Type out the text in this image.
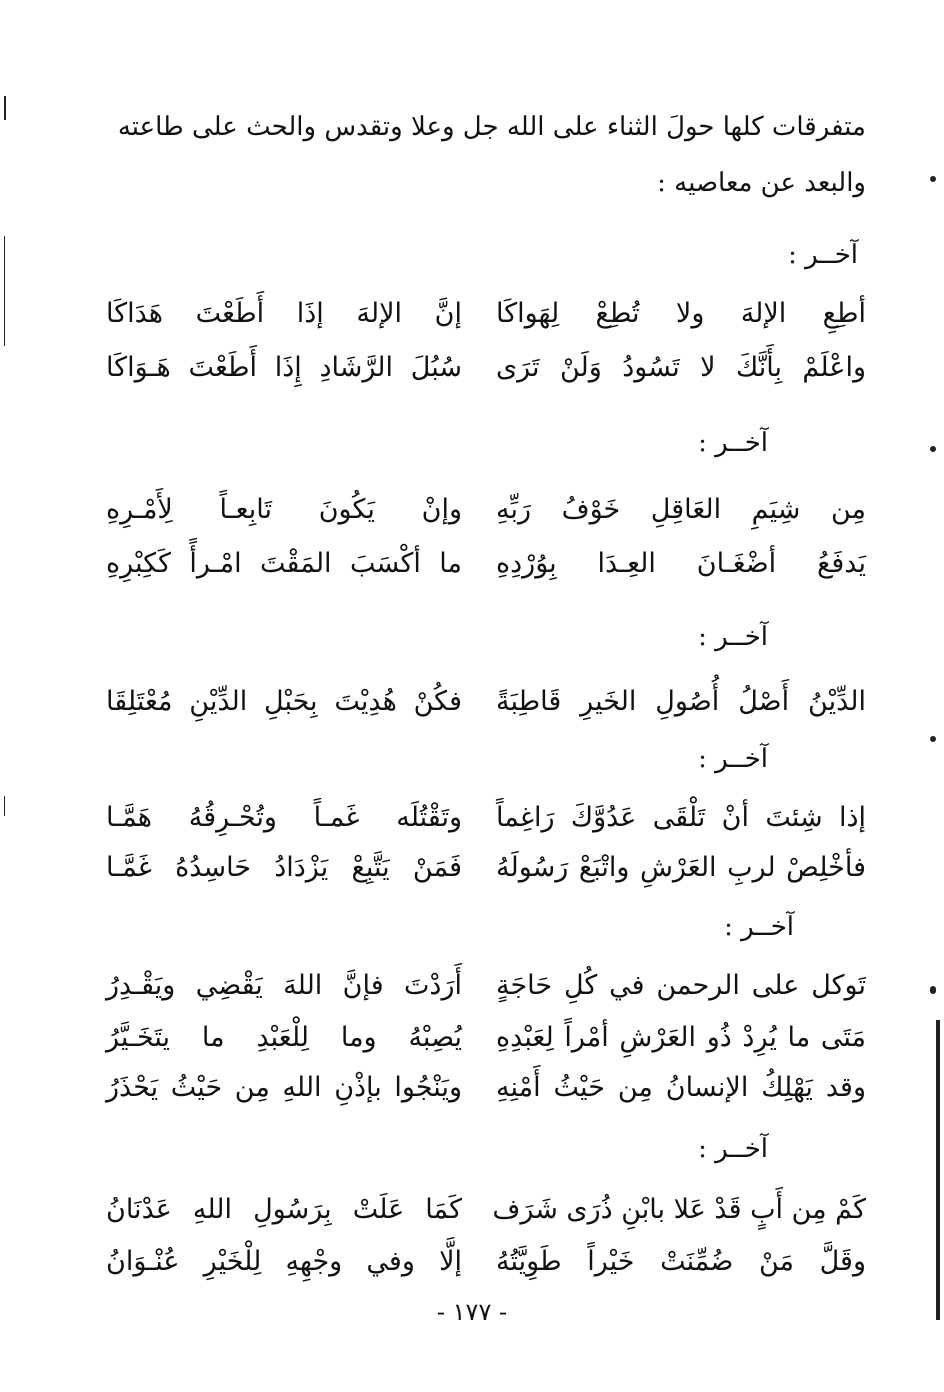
متفرقات كلها حولَ الثناء على الله جل وعلا وتقدس والحث على طاعته
والبعد عن معاصيه :
آخــر :
أطِعِ الإلهَ ولا تُطِعْ لِهَواكَا
إنَّ الإلهَ إذَا أَطَعْتَ هَدَاكَا
واعْلَمْ بِأَنَّكَ لا تَسُودُ وَلَنْ تَرَى
سُبُلَ الرَّشَادِ إِذَا أَطَعْتَ هَـوَاكَا
آخــر :
مِن شِيَمِ العَاقِلِ خَوْفُ رَبِّهِ
وإنْ يَكُونَ تَابِعـاً لِأَمْـرِهِ
يَدفَعُ أضْغَـانَ العِـدَا بِوُرْدِهِ
ما أكْسَبَ المَقْتَ امْـرأً كَكِبْرِهِ
آخــر :
الدِّيْنُ أَصْلُ أُصُولِ الخَيرِ قَاطِبَةً
فكُنْ هُدِيْتَ بِحَبْلِ الدِّيْنِ مُعْتَلِقَا
آخــر :
إذا شِئتَ أنْ تَلْقَى عَدُوَّكَ رَاغِماً
وتَقْتُلَه غَمـاً وتُحْـرِقُهُ هَمَّـا
فأخْلِصْ لربِ العَرْشِ واتْبَعْ رَسُولَهُ
فَمَنْ يَتَّبِعْ يَزْدَادُ حَاسِدُهُ غَمَّـا
آخــر :
تَوكل على الرحمن في كُلِ حَاجَةٍ
أَرَدْتَ فإنَّ اللهَ يَقْضِي ويَقْـدِرُ
مَتَى ما يُرِدْ ذُو العَرْشِ أمْراً لِعَبْدِهِ
يُصِبْهُ وما لِلْعَبْدِ ما يتَخَـيَّرُ
وقد يَهْلِكُ الإنسانُ مِن حَيْثُ أَمْنِهِ
ويَنْجُوا بإذْنِ اللهِ مِن حَيْثُ يَحْذَرُ
آخــر :
كَمْ مِن أَبٍ قَدْ عَلا بابْنِ ذُرَى شَرَف
كَمَا عَلَتْ بِرَسُولِ اللهِ عَدْنَانُ
وقَلَّ مَنْ ضُمِّنَتْ خَيْراً طَوِيَّتُهُ
إلَّا وفي وجْهِهِ لِلْخَيْرِ عُنْـوَانُ
- ١٧٧ -
